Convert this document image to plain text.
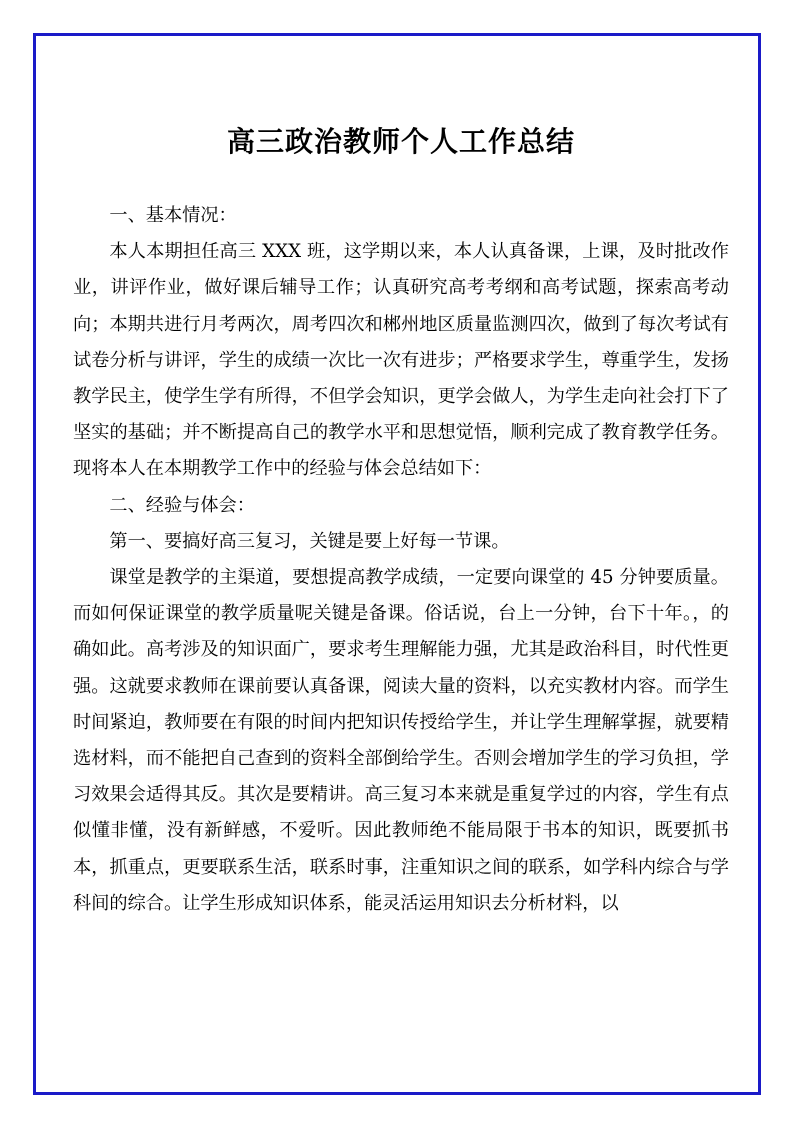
高三政治教师个人工作总结

一、基本情况：

本人本期担任高三 XXX 班，这学期以来，本人认真备课，上课，及时批改作业，讲评作业，做好课后辅导工作；认真研究高考考纲和高考试题，探索高考动向；本期共进行月考两次，周考四次和郴州地区质量监测四次，做到了每次考试有试卷分析与讲评，学生的成绩一次比一次有进步；严格要求学生，尊重学生，发扬教学民主，使学生学有所得，不但学会知识，更学会做人，为学生走向社会打下了坚实的基础；并不断提高自己的教学水平和思想觉悟，顺利完成了教育教学任务。现将本人在本期教学工作中的经验与体会总结如下：

二、经验与体会：

第一、要搞好高三复习，关键是要上好每一节课。

课堂是教学的主渠道，要想提高教学成绩，一定要向课堂的 45 分钟要质量。而如何保证课堂的教学质量呢关键是备课。俗话说，台上一分钟，台下十年。，的确如此。高考涉及的知识面广，要求考生理解能力强，尤其是政治科目，时代性更强。这就要求教师在课前要认真备课，阅读大量的资料，以充实教材内容。而学生时间紧迫，教师要在有限的时间内把知识传授给学生，并让学生理解掌握，就要精选材料，而不能把自己查到的资料全部倒给学生。否则会增加学生的学习负担，学习效果会适得其反。其次是要精讲。高三复习本来就是重复学过的内容，学生有点似懂非懂，没有新鲜感，不爱听。因此教师绝不能局限于书本的知识，既要抓书本，抓重点，更要联系生活，联系时事，注重知识之间的联系，如学科内综合与学科间的综合。让学生形成知识体系，能灵活运用知识去分析材料，以
